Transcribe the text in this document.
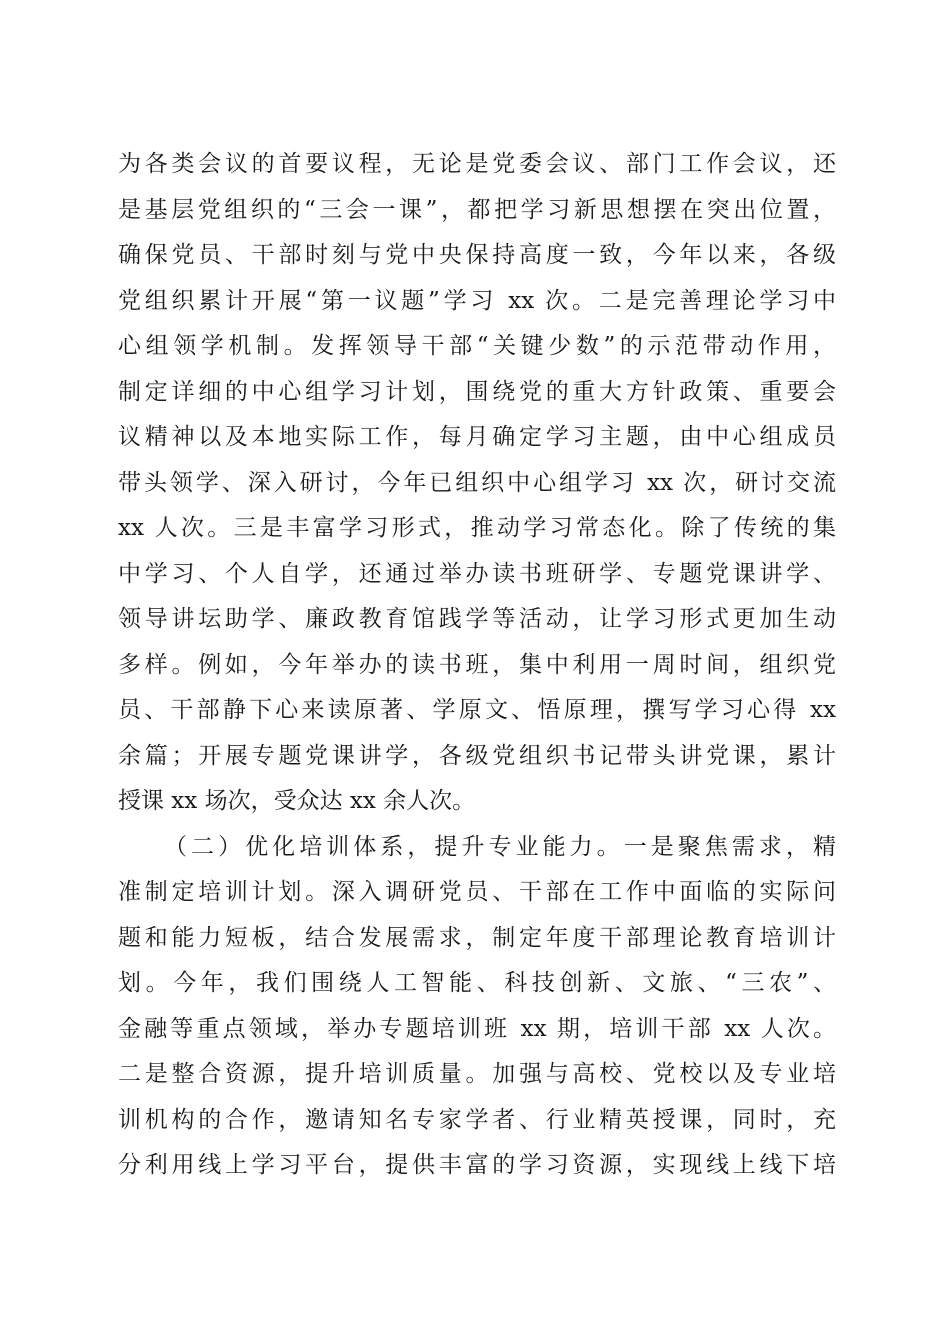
为各类会议的首要议程，无论是党委会议、部门工作会议，还
是基层党组织的“三会一课”，都把学习新思想摆在突出位置，
确保党员、干部时刻与党中央保持高度一致，今年以来，各级
党组织累计开展“第一议题”学习 xx 次。二是完善理论学习中
心组领学机制。发挥领导干部“关键少数”的示范带动作用，
制定详细的中心组学习计划，围绕党的重大方针政策、重要会
议精神以及本地实际工作，每月确定学习主题，由中心组成员
带头领学、深入研讨，今年已组织中心组学习 xx 次，研讨交流
xx 人次。三是丰富学习形式，推动学习常态化。除了传统的集
中学习、个人自学，还通过举办读书班研学、专题党课讲学、
领导讲坛助学、廉政教育馆践学等活动，让学习形式更加生动
多样。例如，今年举办的读书班，集中利用一周时间，组织党
员、干部静下心来读原著、学原文、悟原理，撰写学习心得 xx
余篇；开展专题党课讲学，各级党组织书记带头讲党课，累计
授课 xx 场次，受众达 xx 余人次。
（二）优化培训体系，提升专业能力。一是聚焦需求，精
准制定培训计划。深入调研党员、干部在工作中面临的实际问
题和能力短板，结合发展需求，制定年度干部理论教育培训计
划。今年，我们围绕人工智能、科技创新、文旅、“三农”、
金融等重点领域，举办专题培训班 xx 期，培训干部 xx 人次。
二是整合资源，提升培训质量。加强与高校、党校以及专业培
训机构的合作，邀请知名专家学者、行业精英授课，同时，充
分利用线上学习平台，提供丰富的学习资源，实现线上线下培
